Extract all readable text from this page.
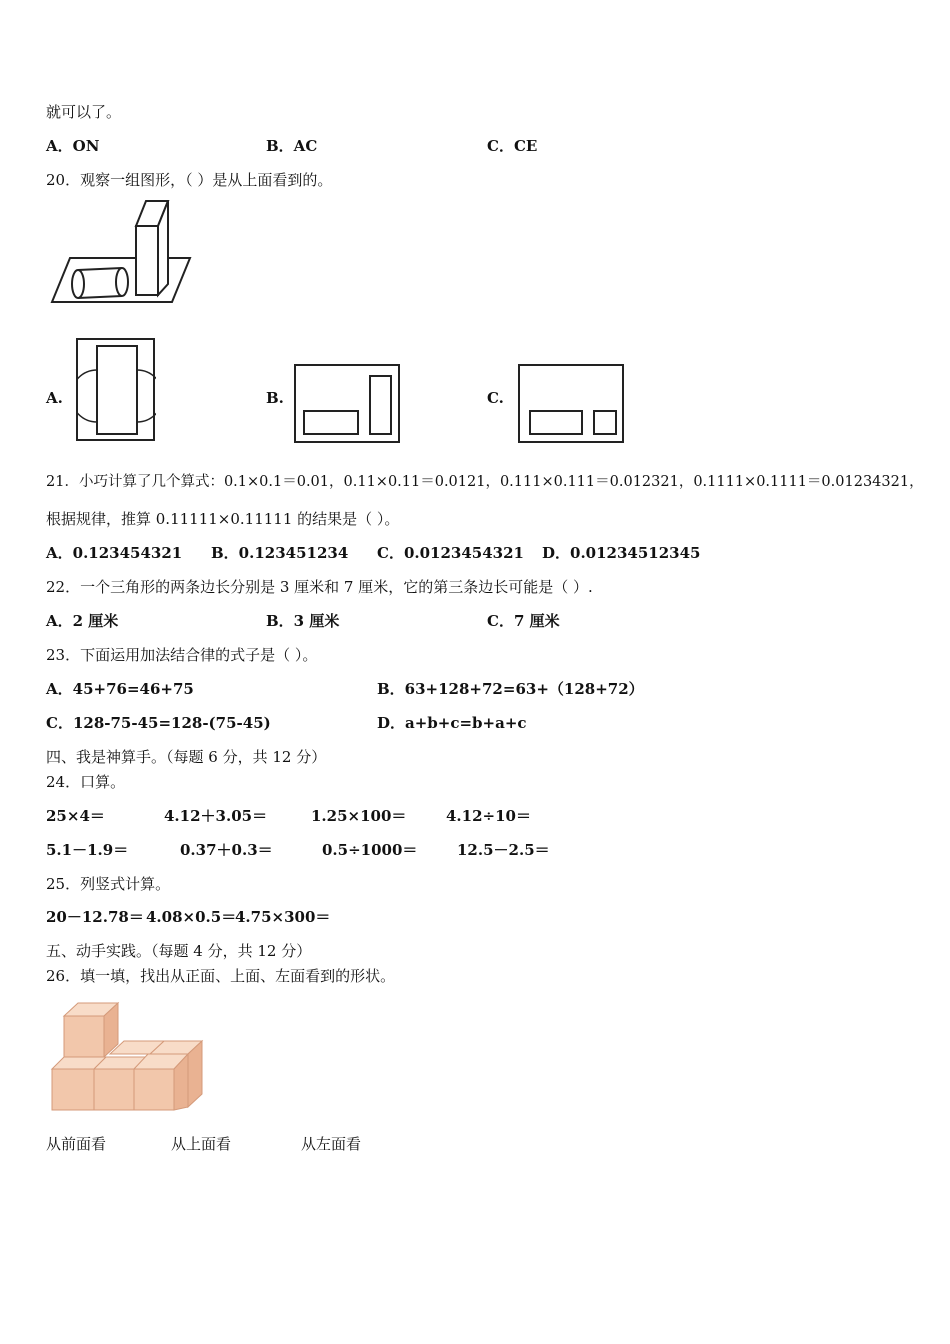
就可以了。
A．ON	B．AC	C．CE
20．观察一组图形，（ ）是从上面看到的。
A.	B.	C.
21．小巧计算了几个算式：0.1×0.1＝0.01，0.11×0.11＝0.0121，0.111×0.111＝0.012321，0.1111×0.1111＝0.01234321，
根据规律，推算 0.11111×0.11111 的结果是（ ）。
A．0.123454321 B．0.123451234 C．0.0123454321 D．0.01234512345
22．一个三角形的两条边长分别是 3 厘米和 7 厘米，它的第三条边长可能是（ ）.
A．2 厘米	B．3 厘米	C．7 厘米
23．下面运用加法结合律的式子是（ ）。
A．45+76=46+75	B．63+128+72=63+（128+72）
C．128-75-45=128-(75-45)	D．a+b+c=b+a+c
四、我是神算手。（每题 6 分，共 12 分）
24．口算。
25×4＝	4.12＋3.05＝	1.25×100＝	4.12÷10＝
5.1－1.9＝	0.37＋0.3＝	0.5÷1000＝	12.5－2.5＝
25．列竖式计算。
20－12.78＝ 4.08×0.5＝
4.75×300＝
五、动手实践。（每题 4 分，共 12 分）
26．填一填，找出从正面、上面、左面看到的形状。
从前面看	从上面看	从左面看
